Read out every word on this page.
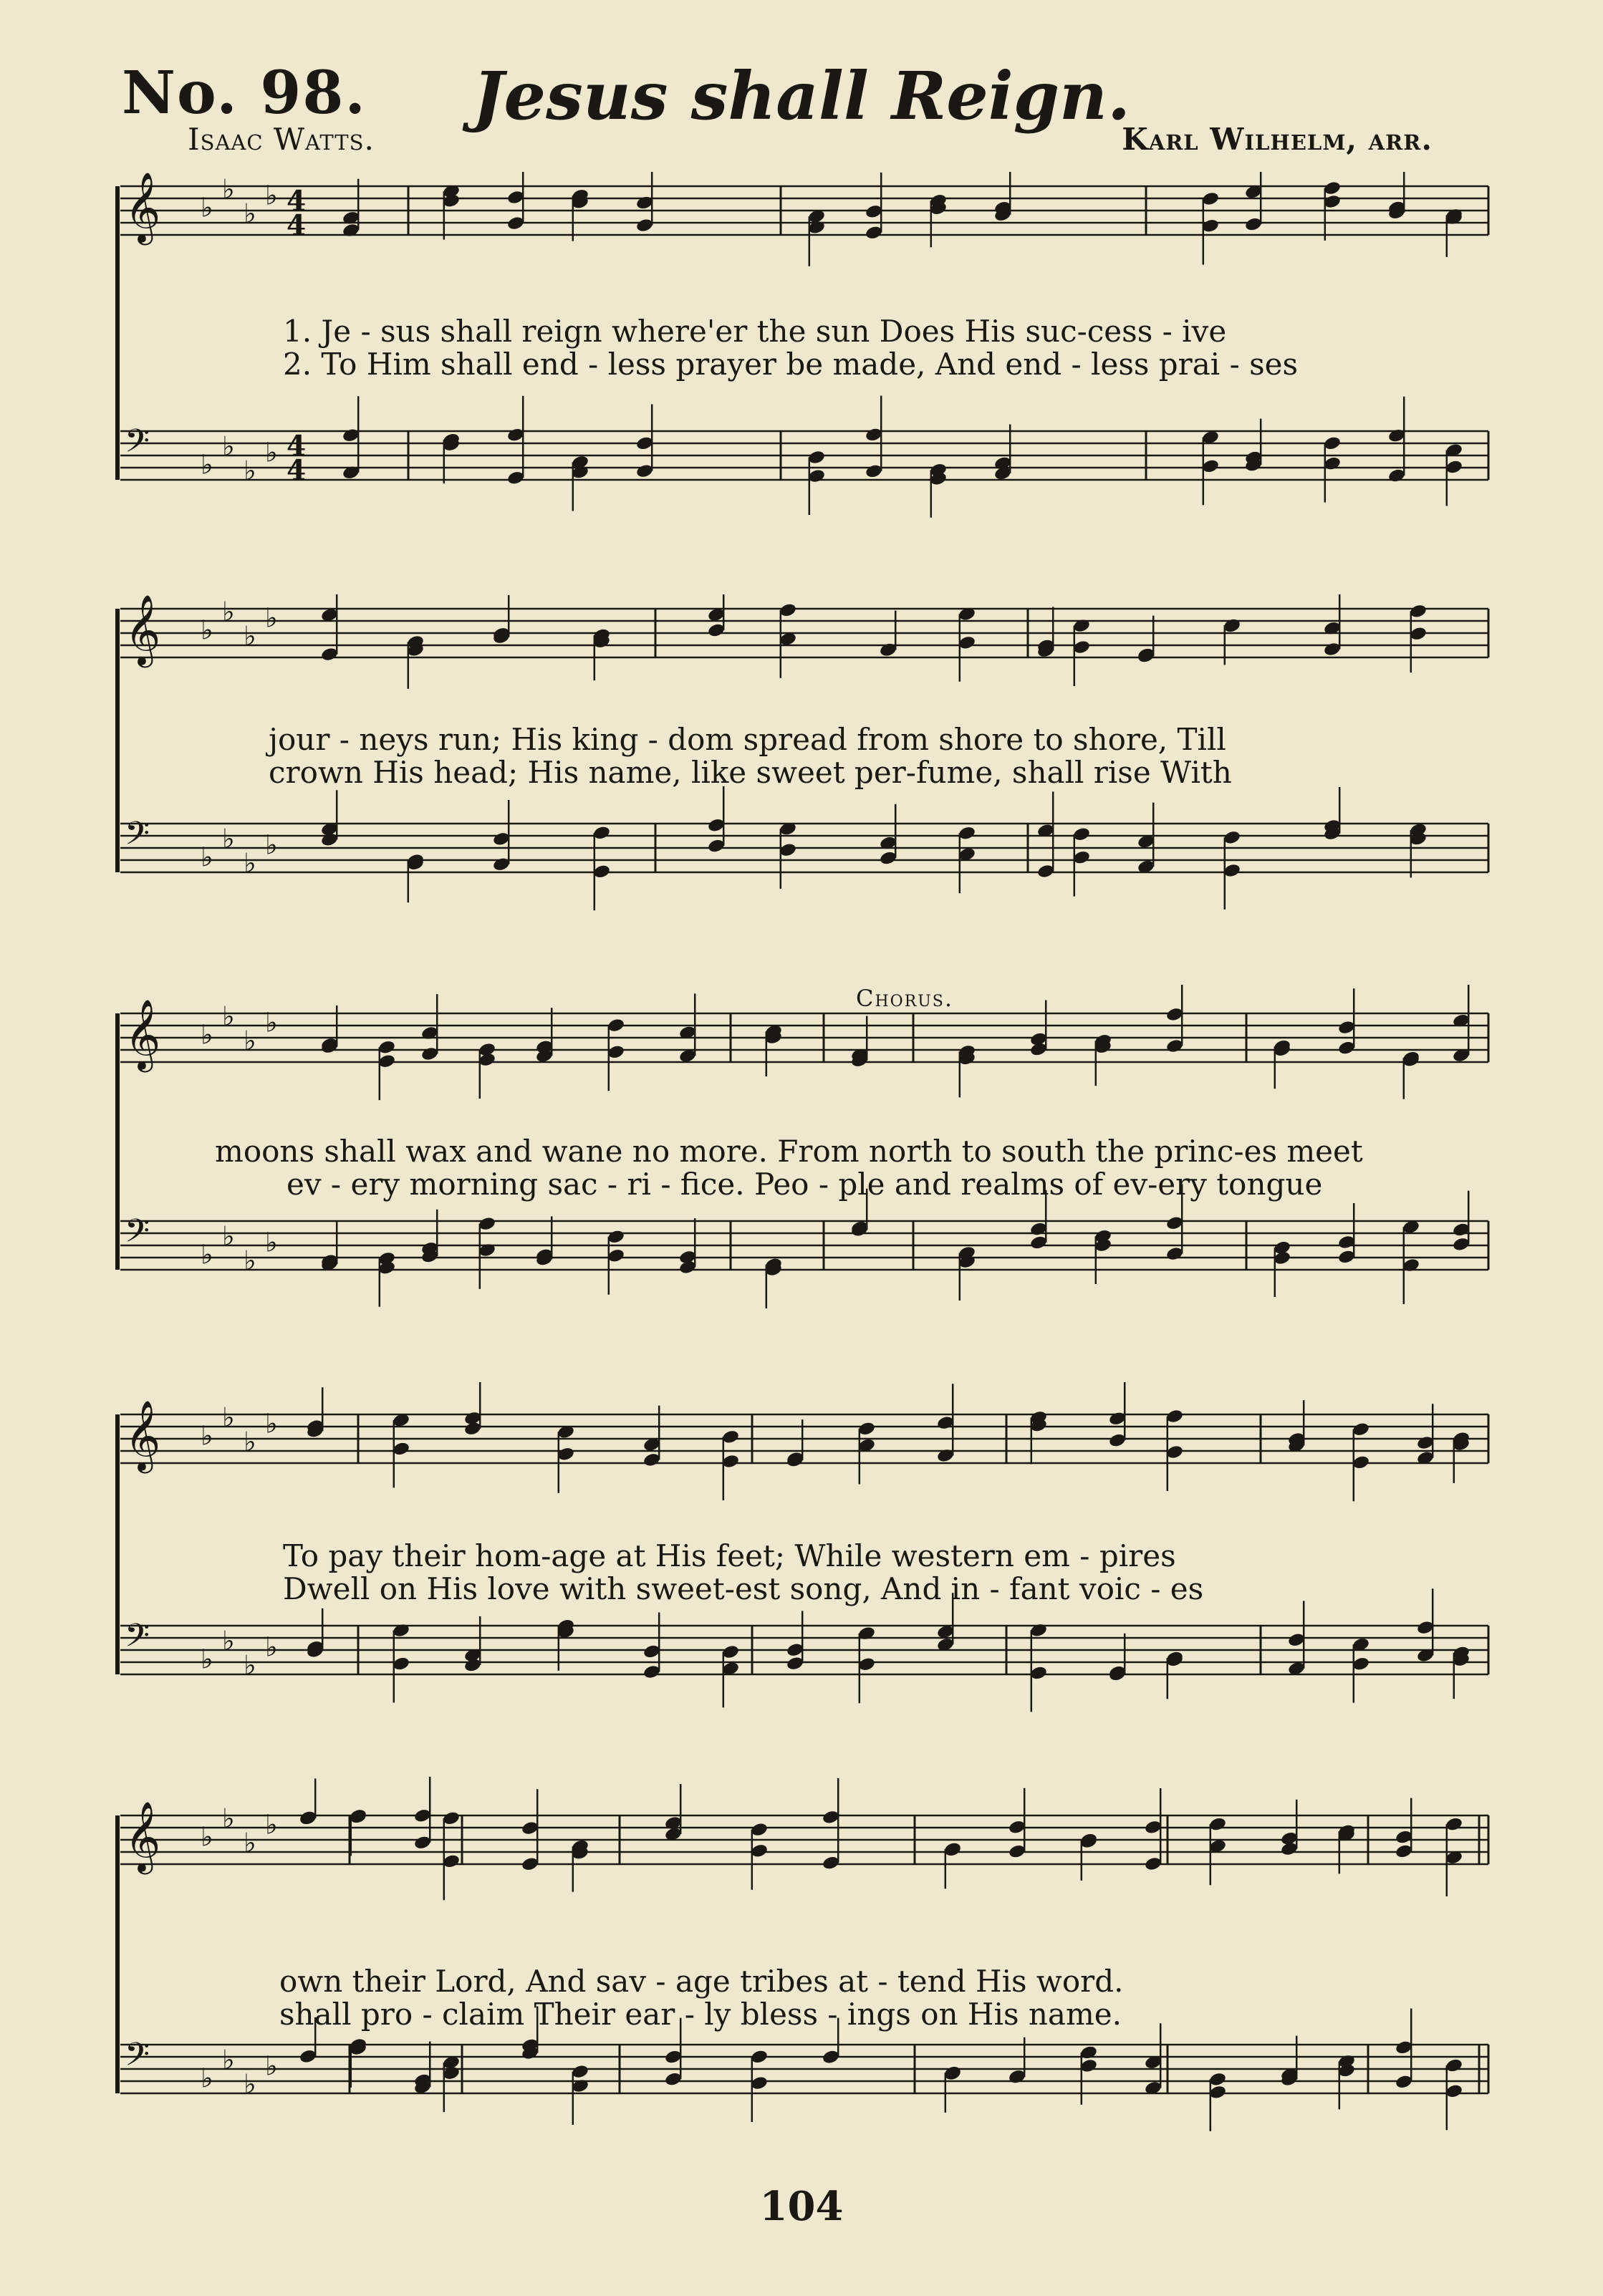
No. 98.	Jesus shall Reign.
Isaac Watts.	Karl Wilhelm, arr.
𝄞 ♭
♭
♭
♭ 4
4
𝄢 ♭
♭
♭
♭ 4
4
1. Je - sus shall reign where'er the sun Does His suc-cess - ive
2. To Him shall end - less prayer be made, And end - less prai - ses
𝄞 ♭
♭
♭
♭
𝄢 ♭
♭
♭
♭
jour - neys run; His king - dom spread from shore to shore, Till
crown His head; His name, like sweet per-fume, shall rise With
𝄞 ♭
♭
♭
♭
𝄢 ♭
♭
♭
♭
Chorus.
moons shall wax and wane no more. From north to south the princ-es meet
ev - ery morning sac - ri - fice. Peo - ple and realms of ev-ery tongue
𝄞 ♭
♭
♭
♭
𝄢 ♭
♭
♭
♭
To pay their hom-age at His feet; While western em - pires
Dwell on His love with sweet-est song, And in - fant voic - es
𝄞 ♭
♭
♭
♭
𝄢 ♭
♭
♭
♭
own their Lord, And sav - age tribes at - tend His word.
shall pro - claim Their ear - ly bless - ings on His name.
104
